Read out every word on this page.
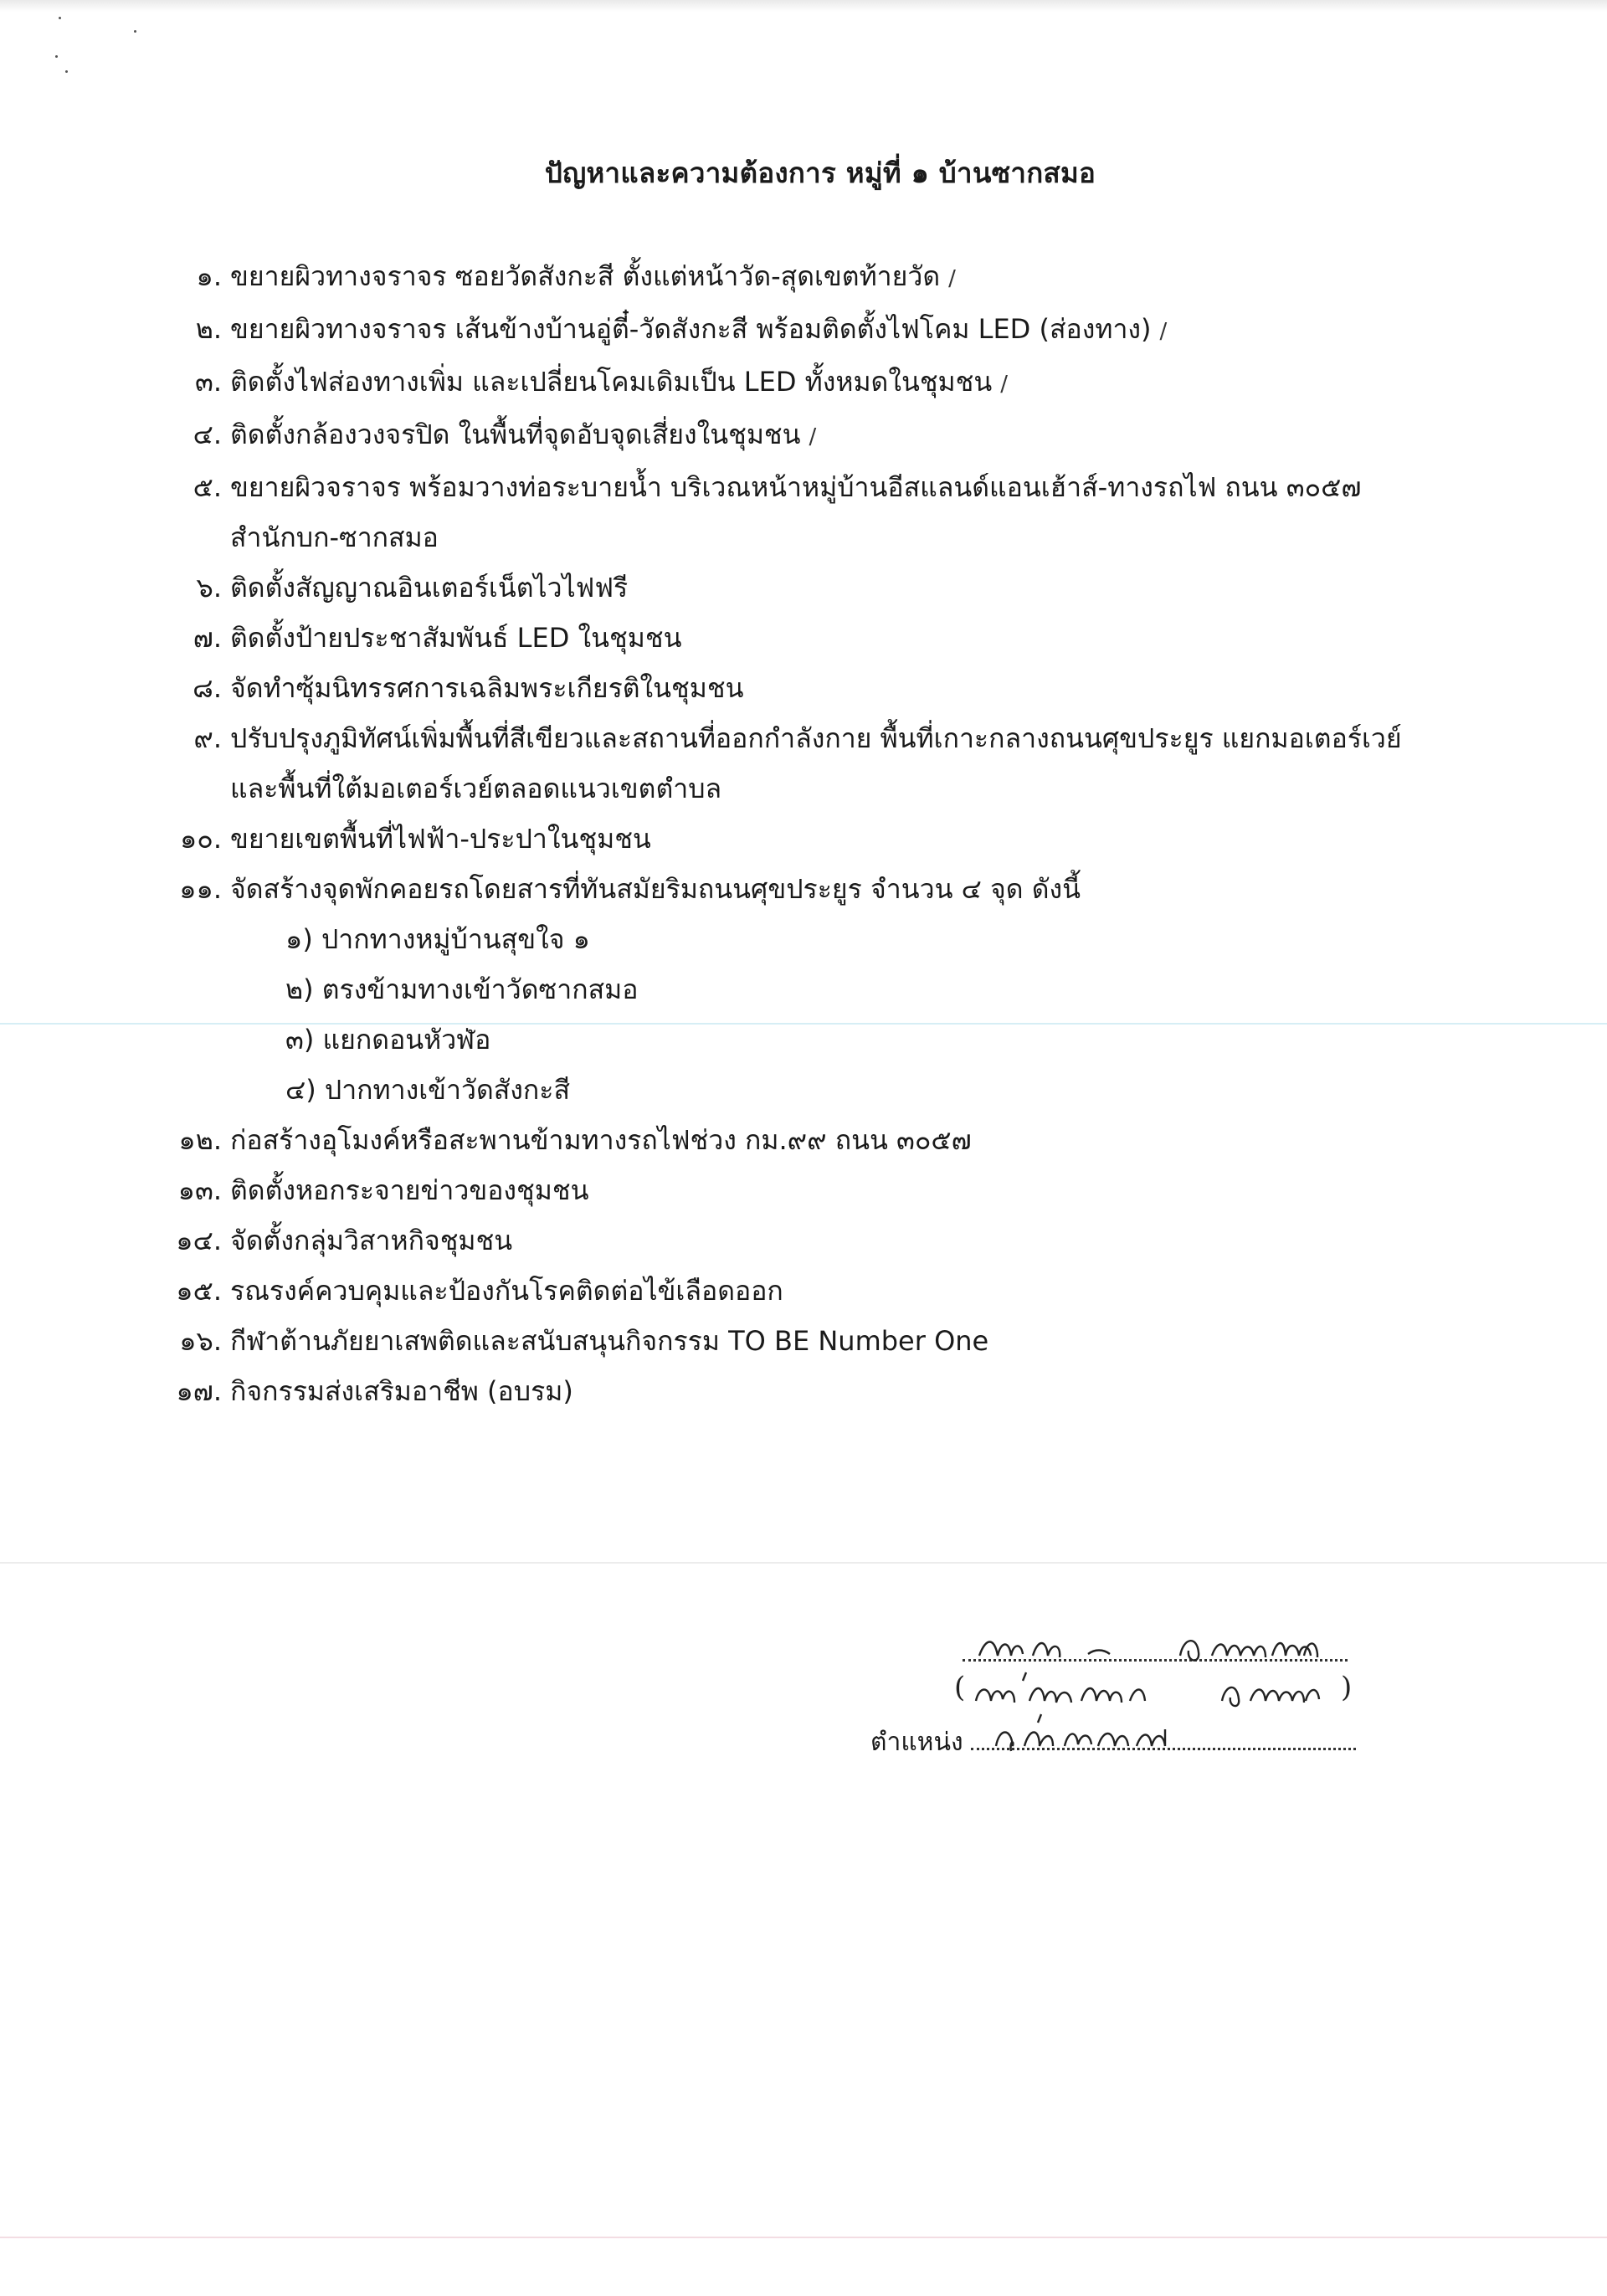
ปัญหาและความต้องการ หมู่ที่ ๑ บ้านซากสมอ
๑. ขยายผิวทางจราจร ซอยวัดสังกะสี ตั้งแต่หน้าวัด-สุดเขตท้ายวัด /
๒. ขยายผิวทางจราจร เส้นข้างบ้านอู่ตี๋-วัดสังกะสี พร้อมติดตั้งไฟโคม LED (ส่องทาง) /
๓. ติดตั้งไฟส่องทางเพิ่ม และเปลี่ยนโคมเดิมเป็น LED ทั้งหมดในชุมชน /
๔. ติดตั้งกล้องวงจรปิด ในพื้นที่จุดอับจุดเสี่ยงในชุมชน /
๕. ขยายผิวจราจร พร้อมวางท่อระบายน้ำ บริเวณหน้าหมู่บ้านอีสแลนด์แอนเฮ้าส์-ทางรถไฟ ถนน ๓๐๕๗
สำนักบก-ซากสมอ
๖. ติดตั้งสัญญาณอินเตอร์เน็ตไวไฟฟรี
๗. ติดตั้งป้ายประชาสัมพันธ์ LED ในชุมชน
๘. จัดทำซุ้มนิทรรศการเฉลิมพระเกียรติในชุมชน
๙. ปรับปรุงภูมิทัศน์เพิ่มพื้นที่สีเขียวและสถานที่ออกกำลังกาย พื้นที่เกาะกลางถนนศุขประยูร แยกมอเตอร์เวย์
และพื้นที่ใต้มอเตอร์เวย์ตลอดแนวเขตตำบล
๑๐. ขยายเขตพื้นที่ไฟฟ้า-ประปาในชุมชน
๑๑. จัดสร้างจุดพักคอยรถโดยสารที่ทันสมัยริมถนนศุขประยูร จำนวน ๔ จุด ดังนี้
๑) ปากทางหมู่บ้านสุขใจ ๑
๒) ตรงข้ามทางเข้าวัดซากสมอ
๓) แยกดอนหัวฬ่อ
๔) ปากทางเข้าวัดสังกะสี
๑๒. ก่อสร้างอุโมงค์หรือสะพานข้ามทางรถไฟช่วง กม.๙๙ ถนน ๓๐๕๗
๑๓. ติดตั้งหอกระจายข่าวของชุมชน
๑๔. จัดตั้งกลุ่มวิสาหกิจชุมชน
๑๕. รณรงค์ควบคุมและป้องกันโรคติดต่อไข้เลือดออก
๑๖. กีฬาต้านภัยยาเสพติดและสนับสนุนกิจกรรม TO BE Number One
๑๗. กิจกรรมส่งเสริมอาชีพ (อบรม)
(	)
ตำแหน่ง
